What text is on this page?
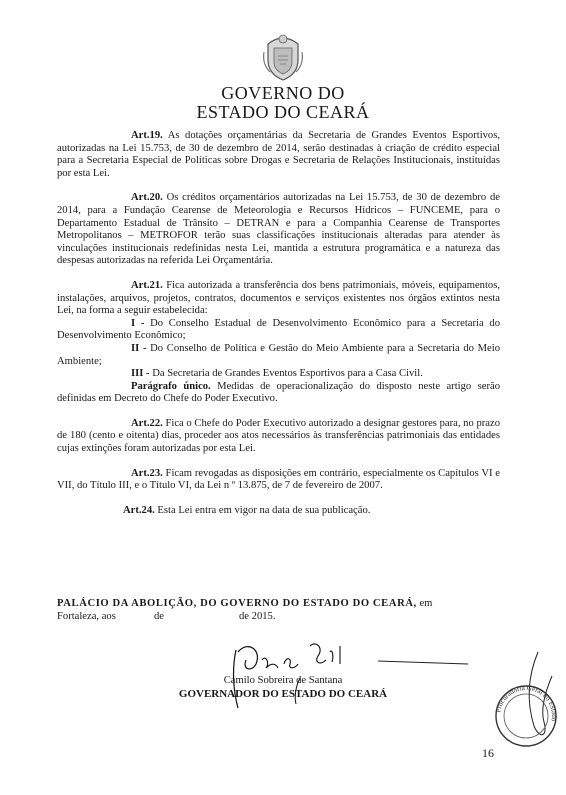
GOVERNO DO
ESTADO DO CEARÁ

Art.19. As dotações orçamentárias da Secretaria de Grandes Eventos Esportivos, autorizadas na Lei 15.753, de 30 de dezembro de 2014, serão destinadas à criação de crédito especial para a Secretaria Especial de Políticas sobre Drogas e Secretaria de Relações Institucionais, instituídas por esta Lei.

Art.20. Os créditos orçamentários autorizadas na Lei 15.753, de 30 de dezembro de 2014, para a Fundação Cearense de Meteorologia e Recursos Hídricos – FUNCEME, para o Departamento Estadual de Trânsito – DETRAN e para a Companhia Cearense de Transportes Metropolitanos – METROFOR terão suas classificações institucionais alteradas para atender às vinculações institucionais redefinidas nesta Lei, mantida a estrutura programática e a natureza das despesas autorizadas na referida Lei Orçamentária.

Art.21. Fica autorizada a transferência dos bens patrimoniais, móveis, equipamentos, instalações, arquivos, projetos, contratos, documentos e serviços existentes nos órgãos extintos nesta Lei, na forma a seguir estabelecida:

I - Do Conselho Estadual de Desenvolvimento Econômico para a Secretaria do Desenvolvimento Econômico;

II - Do Conselho de Política e Gestão do Meio Ambiente para a Secretaria do Meio Ambiente;

III - Da Secretaria de Grandes Eventos Esportivos para a Casa Civil.

Parágrafo único. Medidas de operacionalização do disposto neste artigo serão definidas em Decreto do Chefe do Poder Executivo.

Art.22. Fica o Chefe do Poder Executivo autorizado a designar gestores para, no prazo de 180 (cento e oitenta) dias, proceder aos atos necessários às transferências patrimoniais das entidades cujas extinções foram autorizadas por esta Lei.

Art.23. Ficam revogadas as disposições em contrário, especialmente os Capítulos VI e VII, do Título III, e o Título VI, da Lei n º 13.875, de 7 de fevereiro de 2007.

Art.24. Esta Lei entra em vigor na data de sua publicação.

PALÁCIO DA ABOLIÇÃO, DO GOVERNO DO ESTADO DO CEARÁ, em
Fortaleza, aos	de	de 2015.
Procuradoria Geral do Estado
Camilo Sobreira de Santana
GOVERNADOR DO ESTADO DO CEARÁ
16
